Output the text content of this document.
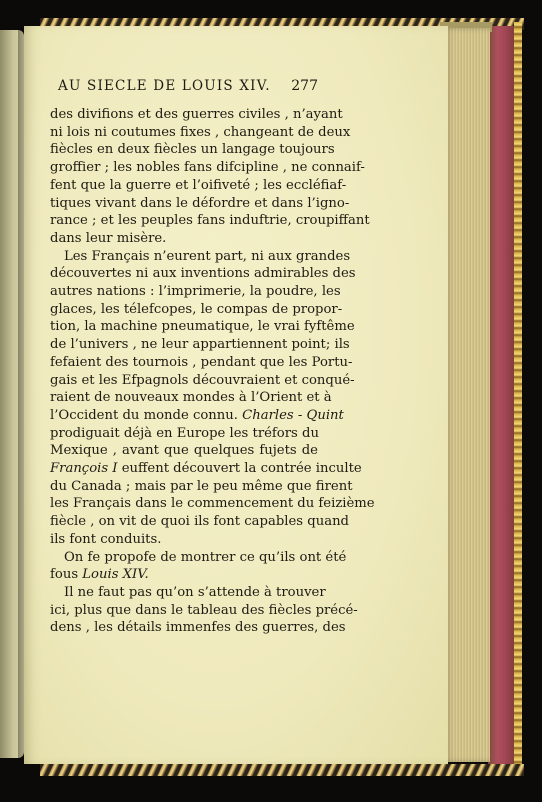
AU SIECLE DE LOUIS XIV. 277
des divifions et des guerres civiles , n’ayant
ni lois ni coutumes fixes , changeant de deux
fiècles en deux fiècles un langage toujours
groffier ; les nobles fans difcipline , ne connaif-
fent que la guerre et l’oifiveté ; les eccléfiaf-
tiques vivant dans le défordre et dans l’igno-
rance ; et les peuples fans induftrie, croupiffant
dans leur misère.
Les Français n’eurent part, ni aux grandes
découvertes ni aux inventions admirables des
autres nations : l’imprimerie, la poudre, les
glaces, les télefcopes, le compas de propor-
tion, la machine pneumatique, le vrai fyftême
de l’univers , ne leur appartiennent point; ils
fefaient des tournois , pendant que les Portu-
gais et les Efpagnols découvraient et conqué-
raient de nouveaux mondes à l’Orient et à
l’Occident du monde connu. Charles - Quint
prodiguait déjà en Europe les tréfors du
Mexique , avant que quelques fujets de
François I euffent découvert la contrée inculte
du Canada ; mais par le peu même que firent
les Français dans le commencement du feizième
fiècle , on vit de quoi ils font capables quand
ils font conduits.
On fe propofe de montrer ce qu’ils ont été
fous Louis XIV.
Il ne faut pas qu’on s’attende à trouver
ici, plus que dans le tableau des fiècles précé-
dens , les détails immenfes des guerres, des
